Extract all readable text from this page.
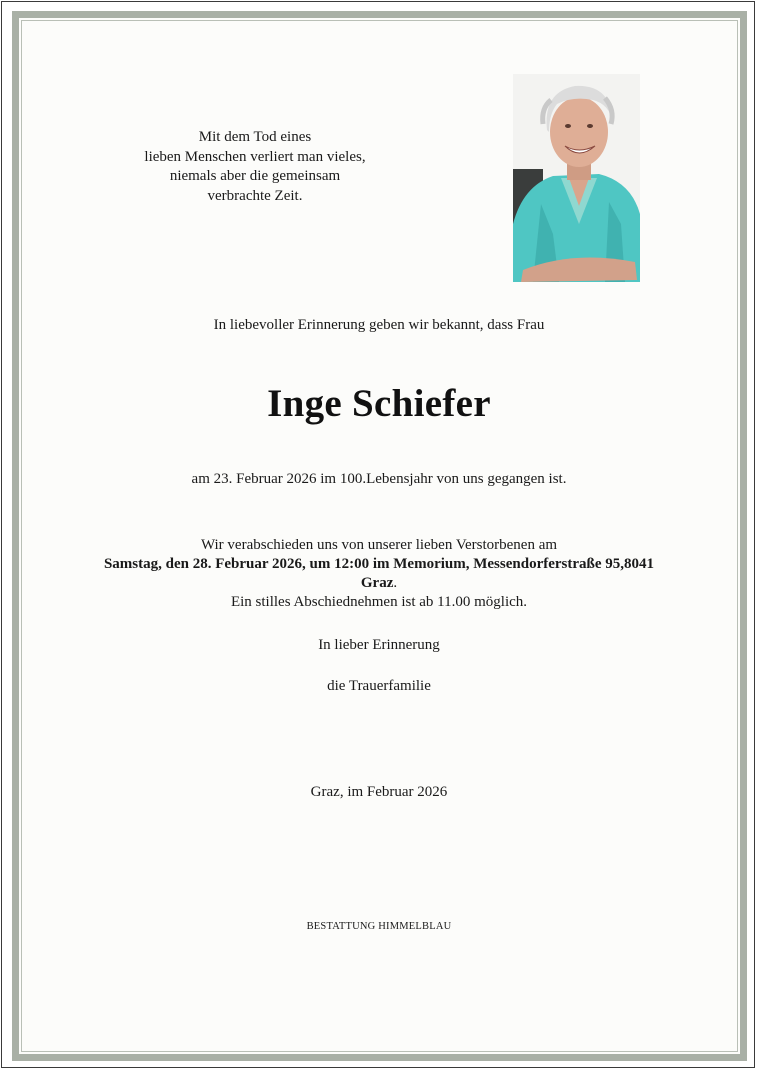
Mit dem Tod eines
lieben Menschen verliert man vieles,
niemals aber die gemeinsam
verbrachte Zeit.

In liebevoller Erinnerung geben wir bekannt, dass Frau

Inge Schiefer

am 23. Februar 2026 im 100.Lebensjahr von uns gegangen ist.

Wir verabschieden uns von unserer lieben Verstorbenen am
Samstag, den 28. Februar 2026, um 12:00 im Memorium, Messendorferstraße 95,8041
Graz.
Ein stilles Abschiednehmen ist ab 11.00 möglich.

In lieber Erinnerung

die Trauerfamilie

Graz, im Februar 2026

BESTATTUNG HIMMELBLAU
